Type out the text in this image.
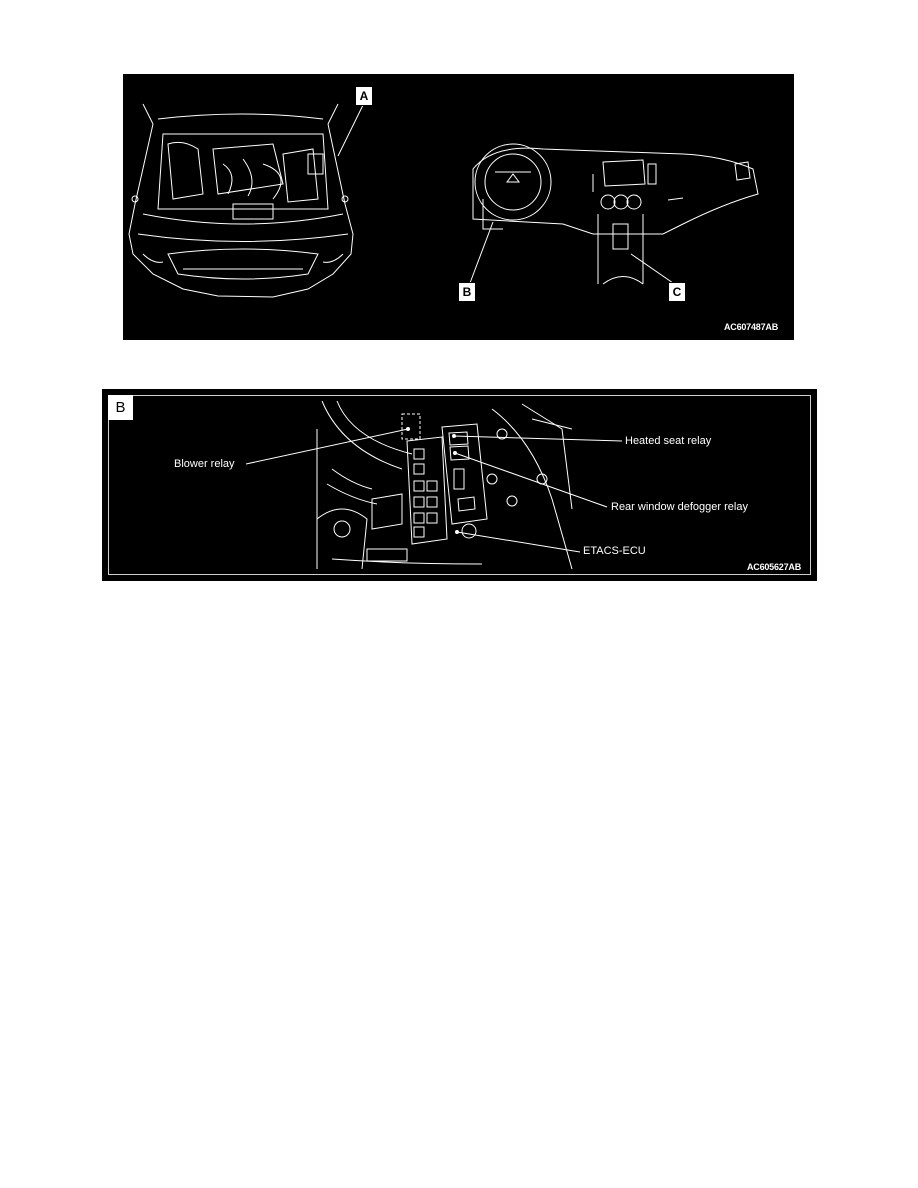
A
B	C
AC607487AB
B
Blower relay
Heated seat relay
Rear window defogger relay
ETACS-ECU
AC605627AB
